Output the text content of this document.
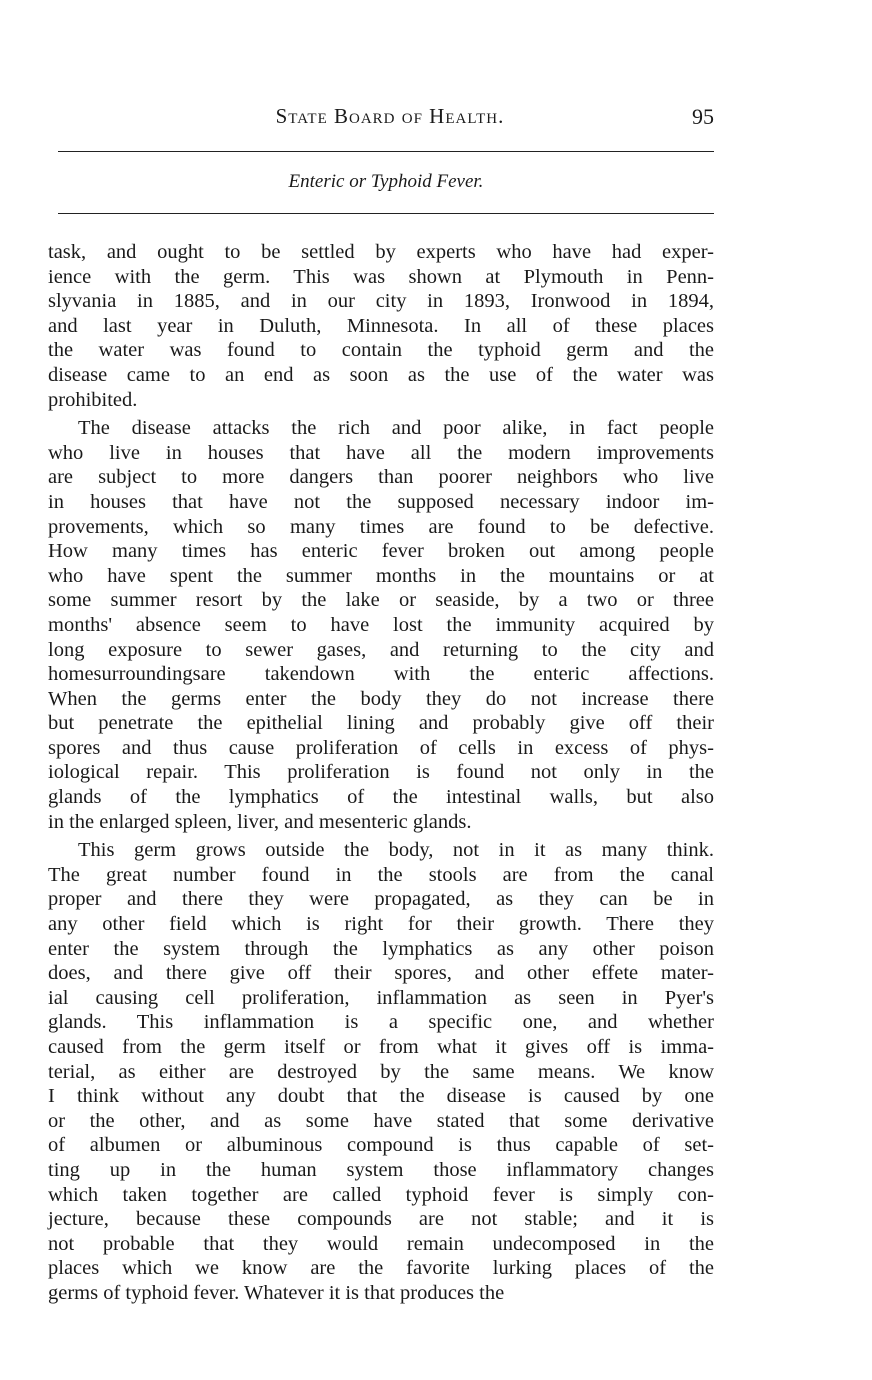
State Board of Health.	95
Enteric or Typhoid Fever.
task, and ought to be settled by experts who have had exper-
ience with the germ. This was shown at Plymouth in Penn-
slyvania in 1885, and in our city in 1893, Ironwood in 1894,
and last year in Duluth, Minnesota. In all of these places
the water was found to contain the typhoid germ and the
disease came to an end as soon as the use of the water was
prohibited.
The disease attacks the rich and poor alike, in fact people
who live in houses that have all the modern improvements
are subject to more dangers than poorer neighbors who live
in houses that have not the supposed necessary indoor im-
provements, which so many times are found to be defective.
How many times has enteric fever broken out among people
who have spent the summer months in the mountains or at
some summer resort by the lake or seaside, by a two or three
months' absence seem to have lost the immunity acquired by
long exposure to sewer gases, and returning to the city and
homesurroundingsare takendown with the enteric affections.
When the germs enter the body they do not increase there
but penetrate the epithelial lining and probably give off their
spores and thus cause proliferation of cells in excess of phys-
iological repair. This proliferation is found not only in the
glands of the lymphatics of the intestinal walls, but also
in the enlarged spleen, liver, and mesenteric glands.
This germ grows outside the body, not in it as many think.
The great number found in the stools are from the canal
proper and there they were propagated, as they can be in
any other field which is right for their growth. There they
enter the system through the lymphatics as any other poison
does, and there give off their spores, and other effete mater-
ial causing cell proliferation, inflammation as seen in Pyer's
glands. This inflammation is a specific one, and whether
caused from the germ itself or from what it gives off is imma-
terial, as either are destroyed by the same means. We know
I think without any doubt that the disease is caused by one
or the other, and as some have stated that some derivative
of albumen or albuminous compound is thus capable of set-
ting up in the human system those inflammatory changes
which taken together are called typhoid fever is simply con-
jecture, because these compounds are not stable; and it is
not probable that they would remain undecomposed in the
places which we know are the favorite lurking places of the
germs of typhoid fever. Whatever it is that produces the
